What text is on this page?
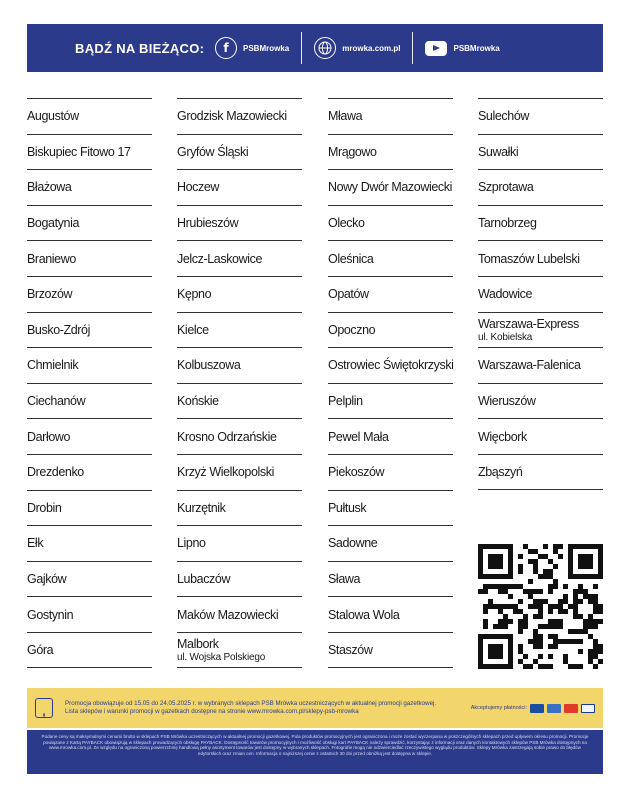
BĄDŹ NA BIEŻĄCO:	f	PSBMrowka	mrowka.com.pl	PSBMrowka
Augustów
Biskupiec Fitowo 17
Błażowa
Bogatynia
Braniewo
Brzozów
Busko-Zdrój
Chmielnik
Ciechanów
Darłowo
Drezdenko
Drobin
Ełk
Gajków
Gostynin
Góra
Grodzisk Mazowiecki
Gryfów Śląski
Hoczew
Hrubieszów
Jelcz-Laskowice
Kępno
Kielce
Kolbuszowa
Końskie
Krosno Odrzańskie
Krzyż Wielkopolski
Kurzętnik
Lipno
Lubaczów
Maków Mazowiecki
Malbork
ul. Wojska Polskiego
Mława
Mrągowo
Nowy Dwór Mazowiecki
Olecko
Oleśnica
Opatów
Opoczno
Ostrowiec Świętokrzyski
Pelplin
Pewel Mała
Piekoszów
Pułtusk
Sadowne
Sława
Stalowa Wola
Staszów
Sulechów
Suwałki
Szprotawa
Tarnobrzeg
Tomaszów Lubelski
Wadowice
Warszawa-Express
ul. Kobielska
Warszawa-Falenica
Wieruszów
Więcbork
Zbąszyń
▮
Promocja obowiązuje od 15.05 do 24.05.2025 r. w wybranych sklepach PSB Mrówka uczestniczących w aktualnej promocji gazetkowej.
Lista sklepów i warunki promocji w gazetkach dostępne na stronie www.mrowka.com.pl/sklepy-psb-mrowka	Akceptujemy płatności:
Podane ceny są maksymalnymi cenami brutto w sklepach PSB Mrówka uczestniczących w aktualnej promocji gazetkowej. Pula produktów promocyjnych jest ograniczona i może zostać wyczerpana w poszczególnych sklepach przed upływem okresu promocji. Promocje powiązane z Kartą PAYBACK obowiązują w sklepach prowadzących obsługę PAYBACK. Dostępność towarów promocyjnych i możliwość obsługi kart PAYBACK należy sprawdzić, korzystając z informacji oraz danych kontaktowych sklepów PSB Mrówka dostępnych na www.mrowka.com.pl. Ze względu na ograniczoną powierzchnię handlową pełny asortyment towarów jest dostępny w wybranych sklepach. Fotografie mogą nie odzwierciedlać rzeczywistego wyglądu produktów. Sklepy Mrówka zastrzegają sobie prawo do błędów edytorskich oraz zmian cen. Informacja o najniższej cenie z ostatnich 30 dni przed obniżką jest dostępna w sklepie.
